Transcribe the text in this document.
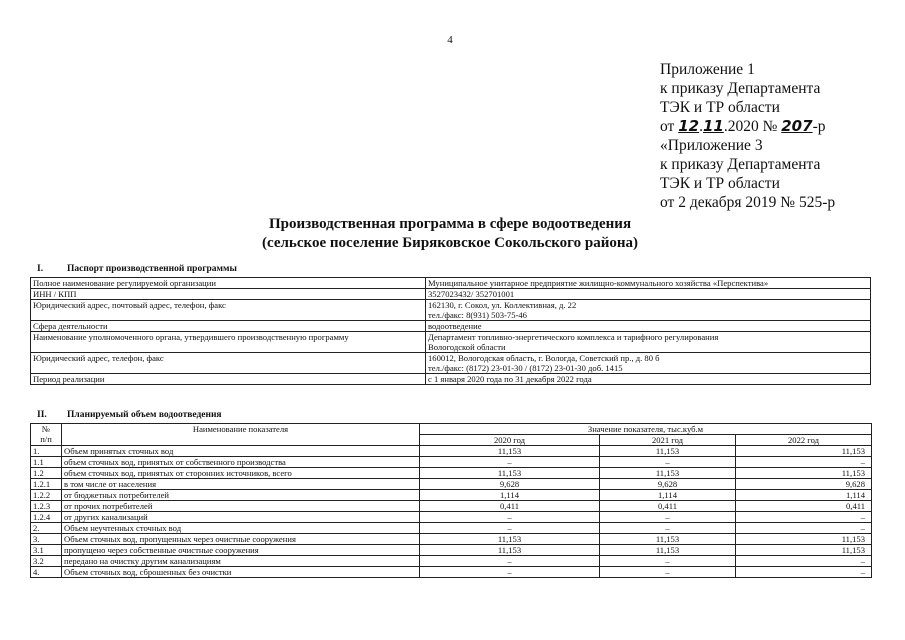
4
Приложение 1
к приказу Департамента
ТЭК и ТР области
от 12.11.2020 № 207-р
«Приложение 3
к приказу Департамента
ТЭК и ТР области
от 2 декабря 2019 № 525-р
Производственная программа в сфере водоотведения
(сельское поселение Биряковское Сокольского района)
I.	Паспорт производственной программы
Полное наименование регулируемой организации	Муниципальное унитарное предприятие жилищно-коммунального хозяйства «Перспектива»

ИНН / КПП	3527023432/ 352701001

Юридический адрес, почтовый адрес, телефон, факс	162130, г. Сокол, ул. Коллективная, д. 22
тел./факс: 8(931) 503-75-46

Сфера деятельности	водоотведение

Наименование уполномоченного органа, утвердившего производственную программу	Департамент топливно-энергетического комплекса и тарифного регулирования
Вологодской области

Юридический адрес, телефон, факс	160012, Вологодская область, г. Вологда, Советский пр., д. 80 б
тел./факс: (8172) 23-01-30 / (8172) 23-01-30 доб. 1415

Период реализации	с 1 января 2020 года по 31 декабря 2022 года
II. Планируемый объем водоотведения
№
п/п	Наименование показателя	Значение показателя, тыс.куб.м		
		2020 год	2021 год	2022 год
1.	Объем принятых сточных вод	11,153	11,153	11,153
1.1	объем сточных вод, принятых от собственного производства	–	–	–
1.2	объем сточных вод, принятых от сторонних источников, всего	11,153	11,153	11,153
1.2.1	в том числе от населения	9,628	9,628	9,628
1.2.2	от бюджетных потребителей	1,114	1,114	1,114
1.2.3	от прочих потребителей	0,411	0,411	0,411
1.2.4	от других канализаций	–	–	–
2.	Объем неучтенных сточных вод	–	–	–
3.	Объем сточных вод, пропущенных через очистные сооружения	11,153	11,153	11,153
3.1	пропущено через собственные очистные сооружения	11,153	11,153	11,153
3.2	передано на очистку другим канализациям	–	–	–
4.	Объем сточных вод, сброшенных без очистки	–	–	–
